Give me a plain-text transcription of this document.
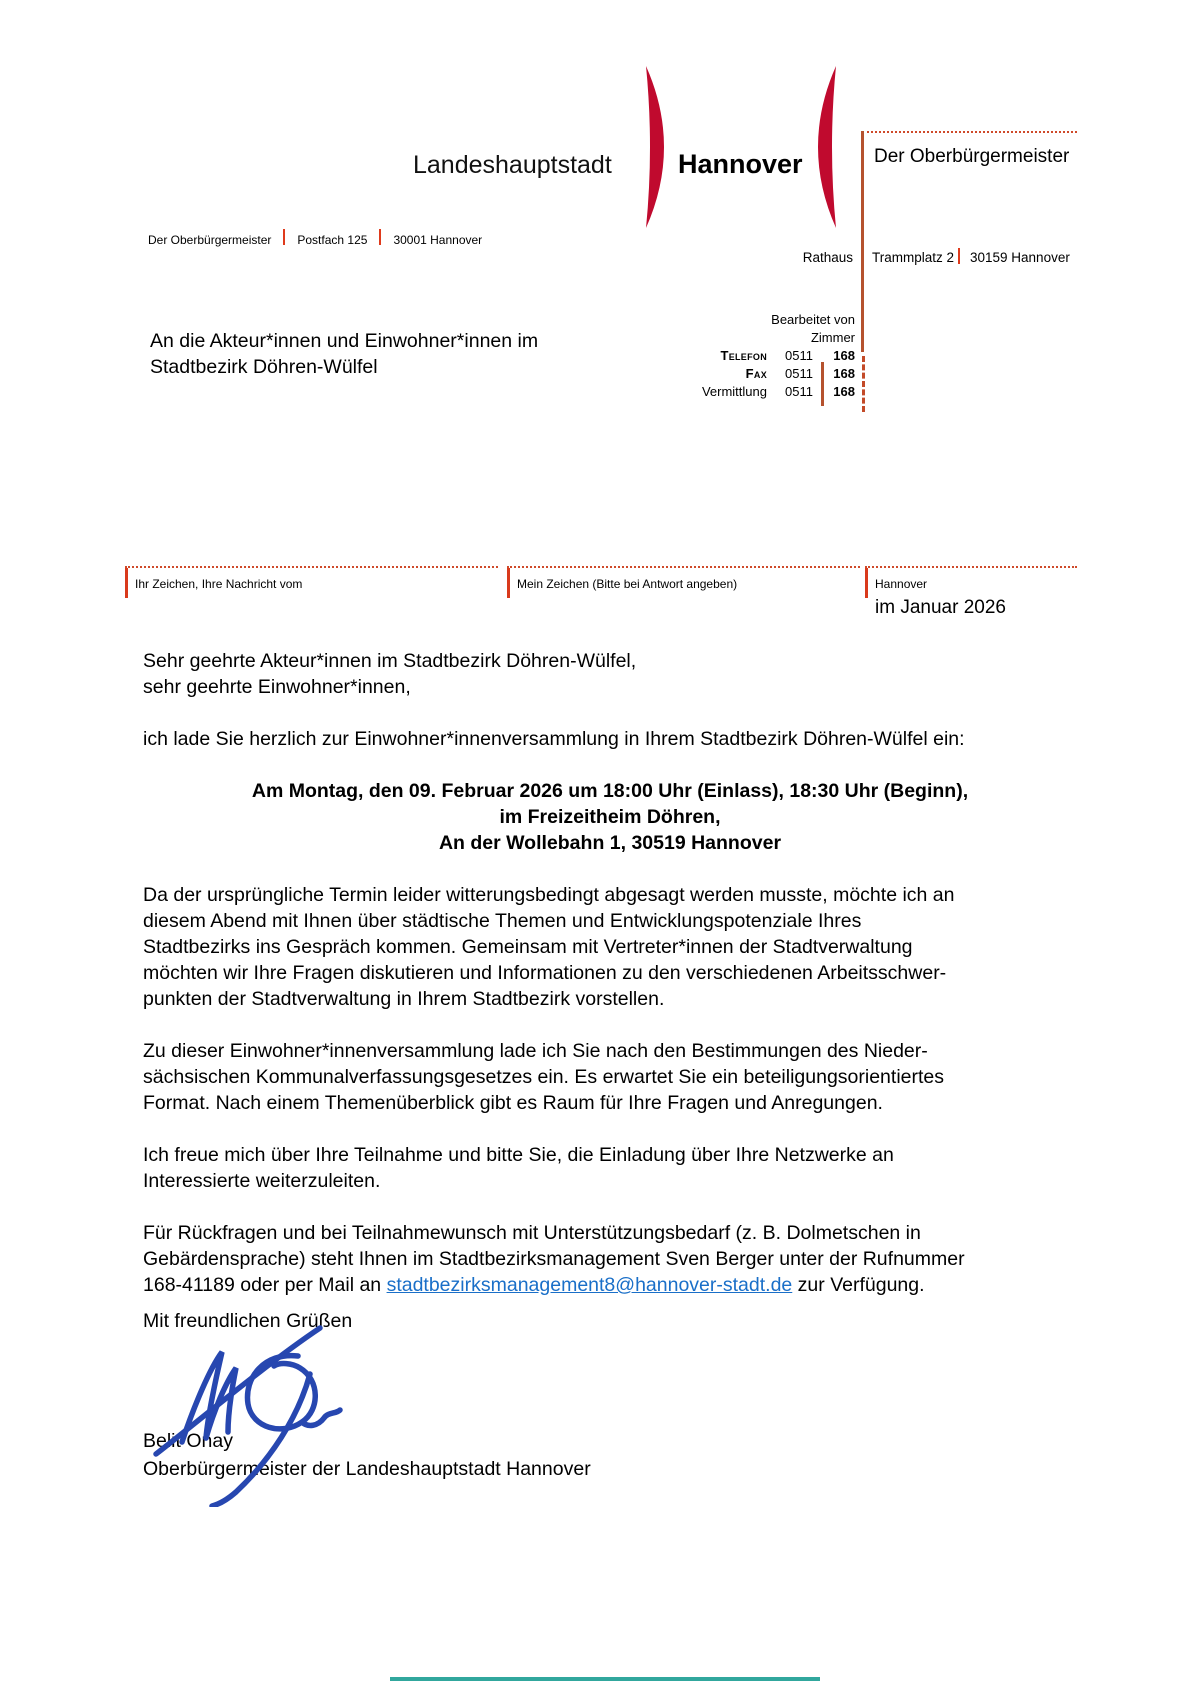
Landeshauptstadt Hannover	Der Oberbürgermeister
Der Oberbürgermeister Postfach 125 30001 Hannover
Rathaus Trammplatz 2 30159 Hannover
An die Akteur*innen und Einwohner*innen im
Stadtbezirk Döhren-Wülfel
Bearbeitet von
Zimmer
Telefon	0511	168
Fax	0511	168
Vermittlung	0511	168
Ihr Zeichen, Ihre Nachricht vom	Mein Zeichen (Bitte bei Antwort angeben)	Hannover
im Januar 2026
Sehr geehrte Akteur*innen im Stadtbezirk Döhren-Wülfel,
sehr geehrte Einwohner*innen,
ich lade Sie herzlich zur Einwohner*innenversammlung in Ihrem Stadtbezirk Döhren-Wülfel ein:
Am Montag, den 09. Februar 2026 um 18:00 Uhr (Einlass), 18:30 Uhr (Beginn),
im Freizeitheim Döhren,
An der Wollebahn 1, 30519 Hannover
Da der ursprüngliche Termin leider witterungsbedingt abgesagt werden musste, möchte ich an
diesem Abend mit Ihnen über städtische Themen und Entwicklungspotenziale Ihres
Stadtbezirks ins Gespräch kommen. Gemeinsam mit Vertreter*innen der Stadtverwaltung
möchten wir Ihre Fragen diskutieren und Informationen zu den verschiedenen Arbeitsschwer-
punkten der Stadtverwaltung in Ihrem Stadtbezirk vorstellen.
Zu dieser Einwohner*innenversammlung lade ich Sie nach den Bestimmungen des Nieder-
sächsischen Kommunalverfassungsgesetzes ein. Es erwartet Sie ein beteiligungsorientiertes
Format. Nach einem Themenüberblick gibt es Raum für Ihre Fragen und Anregungen.
Ich freue mich über Ihre Teilnahme und bitte Sie, die Einladung über Ihre Netzwerke an
Interessierte weiterzuleiten.
Für Rückfragen und bei Teilnahmewunsch mit Unterstützungsbedarf (z. B. Dolmetschen in
Gebärdensprache) steht Ihnen im Stadtbezirksmanagement Sven Berger unter der Rufnummer
168-41189 oder per Mail an stadtbezirksmanagement8@hannover-stadt.de zur Verfügung.
Mit freundlichen Grüßen
Belit Onay
Oberbürgermeister der Landeshauptstadt Hannover
